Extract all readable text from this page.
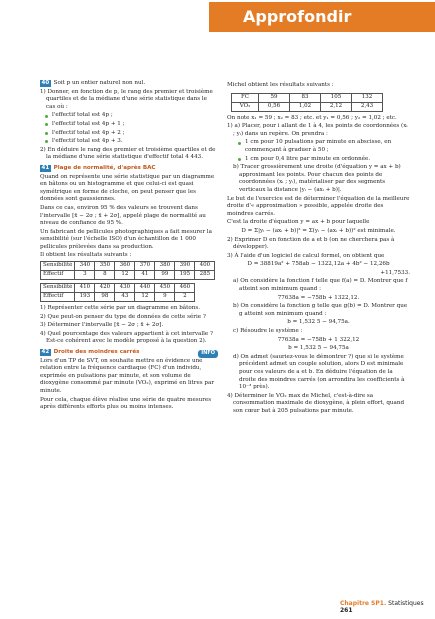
Approfondir

40 Soit p un entier naturel non nul.

1) Donner, en fonction de p, le rang des premier et troisième quartiles et de la médiane d'une série statistique dans le cas où :

l'effectif total est 4p ;

l'effectif total est 4p + 1 ;

l'effectif total est 4p + 2 ;

l'effectif total est 4p + 3.

2) En déduire le rang des premier et troisième quartiles et de la médiane d'une série statistique d'effectif total 4 443.

41 Plage de normalité, d'après BAC

Quand on représente une série statistique par un diagramme en bâtons ou un histogramme et que celui-ci est quasi symétrique en forme de cloche, on peut penser que les données sont gaussiennes.

Dans ce cas, environ 95 % des valeurs se trouvent dans l'intervalle [x̄ − 2σ ; x̄ + 2σ], appelé plage de normalité au niveau de confiance de 95 %.

Un fabricant de pellicules photographiques a fait mesurer la sensibilité (sur l'échelle ISO) d'un échantillon de 1 000 pellicules prélevées dans sa production.

Il obtient les résultats suivants :

Sensibilité	340	350	360	370	380	390	400
Effectif	3	8	12	41	99	195	285
Sensibilité	410	420	430	440	450	460
Effectif	193	98	43	12	9	2

1) Représenter cette série par un diagramme en bâtons.

2) Que peut-on penser du type de données de cette série ?

3) Déterminer l'intervalle [x̄ − 2σ ; x̄ + 2σ].

4) Quel pourcentage des valeurs appartient à cet intervalle ? Est-ce cohérent avec le modèle proposé à la question 2).

42 Droite des moindres carrés	INFO

Lors d'un TP de SVT, on souhaite mettre en évidence une relation entre la fréquence cardiaque (FC) d'un individu, exprimée en pulsations par minute, et son volume de dioxygène consommé par minute (VO₂), exprimé en litres par minute.

Pour cela, chaque élève réalise une série de quatre mesures après différents efforts plus ou moins intenses.

Michel obtient les résultats suivants :

FC	59	83	105	132
VO₂	0,56	1,02	2,12	2,43

On note x₁ = 59 ; x₂ = 83 ; etc. et y₁ = 0,56 ; y₂ = 1,02 ; etc.

1) a) Placer, pour i allant de 1 à 4, les points de coordonnées (xᵢ ; yᵢ) dans un repère. On prendra :

1 cm pour 10 pulsations par minute en abscisse, en commençant à graduer à 50 ;

1 cm pour 0,4 litre par minute en ordonnée.

b) Tracer grossièrement une droite (d'équation y = ax + b) approximant les points. Pour chacun des points de coordonnées (xᵢ ; yᵢ), matérialiser par des segments verticaux la distance |yᵢ − (axᵢ + b)|.

Le but de l'exercice est de déterminer l'équation de la meilleure droite d'« approximation » possible, appelée droite des moindres carrés.

C'est la droite d'équation y = ax + b pour laquelle

D = Σ|yᵢ − (axᵢ + b)|² = Σ(yᵢ − (axᵢ + b))² est minimale.

2) Exprimer D en fonction de a et b (on ne cherchera pas à développer).

3) À l'aide d'un logiciel de calcul formel, on obtient que

D = 38819a² + 758ab − 1322,12a + 4b² − 12,26b

+11,7533.

a) On considère la fonction f telle que f(a) = D. Montrer que f atteint son minimum quand :

77638a = −758b + 1322,12.

b) On considère la fonction g telle que g(b) = D. Montrer que g atteint son minimum quand :

b = 1,532 5 − 94,75a.

c) Résoudre le système :

77638a = −758b + 1 322,12

b = 1,532 5 − 94,75a

d) On admet (sauriez-vous le démontrer ?) que si le système précédent admet un couple solution, alors D est minimale pour ces valeurs de a et b. En déduire l'équation de la droite des moindres carrés (on arrondira les coefficients à 10⁻³ près).

4) Déterminer le VO₂ max de Michel, c'est-à-dire sa consommation maximale de dioxygène, à plein effort, quand son cœur bat à 205 pulsations par minute.

Chapitre SP1. Statistiques 261
